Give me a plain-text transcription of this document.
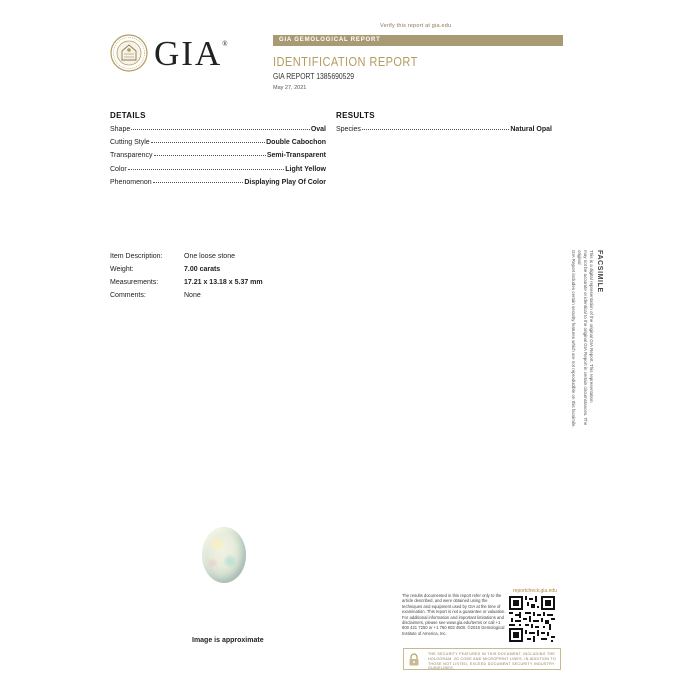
Verify this report at gia.edu
GIA®	GIA GEMOLOGICAL REPORT
IDENTIFICATION REPORT
GIA REPORT 1385690529
May 27, 2021
DETAILS
Shape	Oval
Cutting Style	Double Cabochon
Transparency	Semi-Transparent
Color	Light Yellow
Phenomenon	Displaying Play Of Color
RESULTS
Species	Natural Opal
Item Description:	One loose stone
Weight:	7.00 carats
Measurements:	17.21 x 13.18 x 5.37 mm
Comments:	None
FACSIMILE
This is a digital representation of the original GIA Report. This representation
may not be accurate or identical to the original GIA Report in certain circumstances. The original
GIA Report includes certain security features which are not reproducible on this facsimile.
Image is approximate
reportcheck.gia.edu
The results documented in this report refer only to the article described, and were obtained using the techniques and equipment used by GIA at the time of examination. This report is not a guarantee or valuation. For additional information and important limitations and disclaimers, please see www.gia.edu/terms or call +1 800 421 7250 or +1 760 603 4500. ©2015 Gemological Institute of America, Inc.
THE SECURITY FEATURES IN THIS DOCUMENT, INCLUDING THE HOLOGRAM, 2D CODE AND MICROPRINT LINES, IN ADDITION TO THOSE NOT LISTED, EXCEED DOCUMENT SECURITY INDUSTRY GUIDELINES.
